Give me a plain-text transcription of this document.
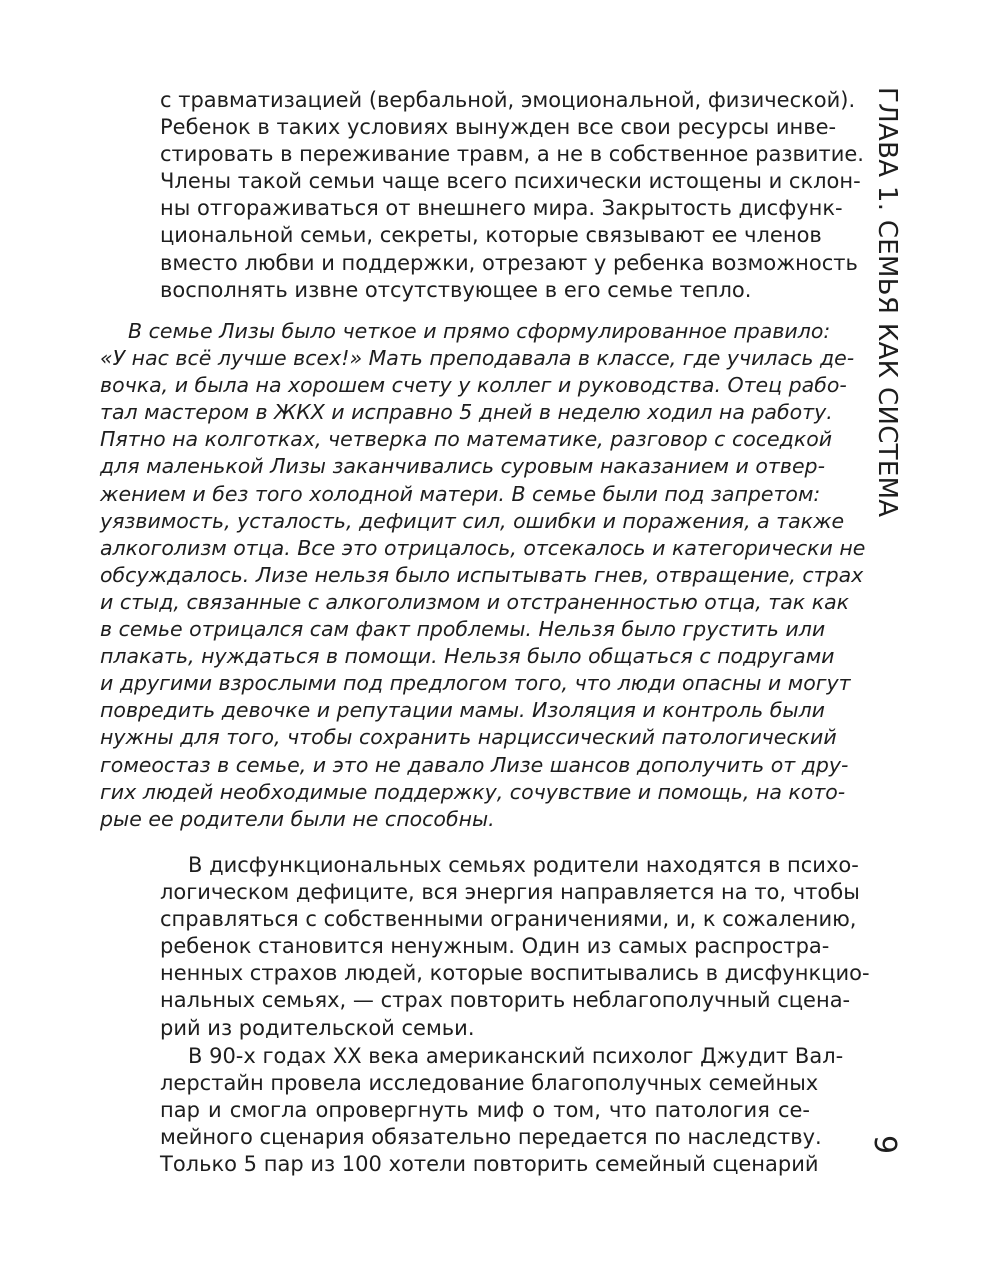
с травматизацией (вербальной, эмоциональной, физической).
Ребенок в таких условиях вынужден все свои ресурсы инве-
стировать в переживание травм, а не в собственное развитие.
Члены такой семьи чаще всего психически истощены и склон-
ны отгораживаться от внешнего мира. Закрытость дисфунк-
циональной семьи, секреты, которые связывают ее членов
вместо любви и поддержки, отрезают у ребенка возможность
восполнять извне отсутствующее в его семье тепло.
В семье Лизы было четкое и прямо сформулированное правило:
«У нас всё лучше всех!» Мать преподавала в классе, где училась де-
вочка, и была на хорошем счету у коллег и руководства. Отец рабо-
тал мастером в ЖКХ и исправно 5 дней в неделю ходил на работу.
Пятно на колготках, четверка по математике, разговор с соседкой
для маленькой Лизы заканчивались суровым наказанием и отвер-
жением и без того холодной матери. В семье были под запретом:
уязвимость, усталость, дефицит сил, ошибки и поражения, а также
алкоголизм отца. Все это отрицалось, отсекалось и категорически не
обсуждалось. Лизе нельзя было испытывать гнев, отвращение, страх
и стыд, связанные с алкоголизмом и отстраненностью отца, так как
в семье отрицался сам факт проблемы. Нельзя было грустить или
плакать, нуждаться в помощи. Нельзя было общаться с подругами
и другими взрослыми под предлогом того, что люди опасны и могут
повредить девочке и репутации мамы. Изоляция и контроль были
нужны для того, чтобы сохранить нарциссический патологический
гомеостаз в семье, и это не давало Лизе шансов дополучить от дру-
гих людей необходимые поддержку, сочувствие и помощь, на кото-
рые ее родители были не способны.
В дисфункциональных семьях родители находятся в психо-
логическом дефиците, вся энергия направляется на то, чтобы
справляться с собственными ограничениями, и, к сожалению,
ребенок становится ненужным. Один из самых распростра-
ненных страхов людей, которые воспитывались в дисфункцио-
нальных семьях, — страх повторить неблагополучный сцена-
рий из родительской семьи.
В 90-х годах XX века американский психолог Джудит Вал-
лерстайн провела исследование благополучных семейных
пар и смогла опровергнуть миф о том, что патология се-
мейного сценария обязательно передается по наследству.
Только 5 пар из 100 хотели повторить семейный сценарий
ГЛАВА 1. СЕМЬЯ КАК СИСТЕМА
9
